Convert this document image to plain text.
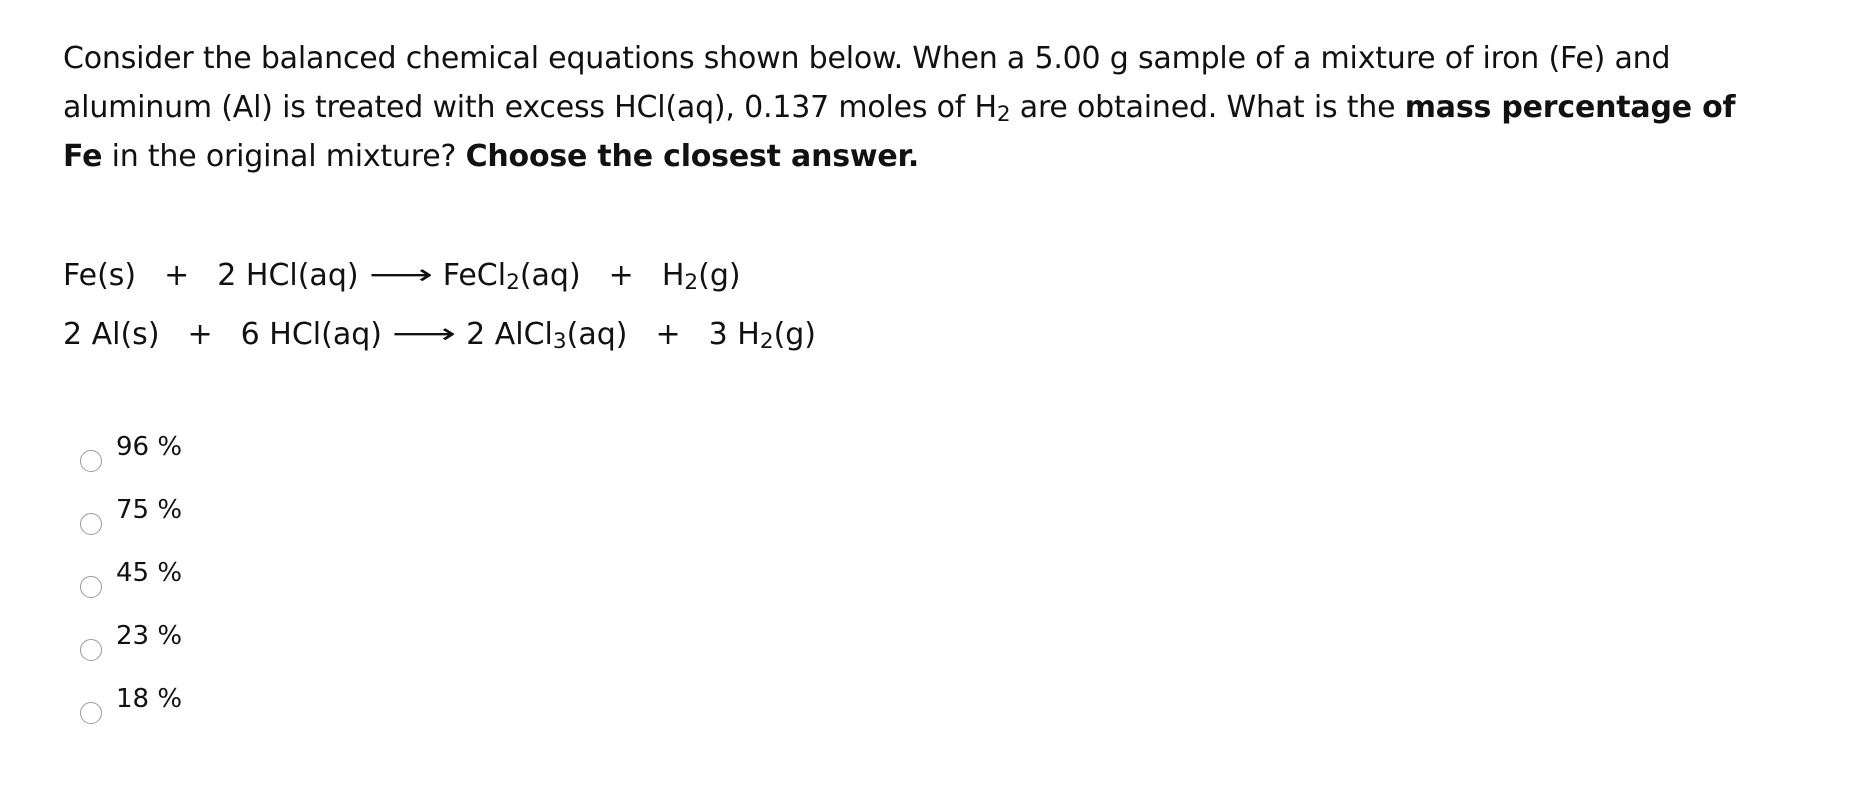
Consider the balanced chemical equations shown below. When a 5.00 g sample of a mixture of iron (Fe) and aluminum (Al) is treated with excess HCl(aq), 0.137 moles of $H_2$ are obtained. What is the mass percentage of Fe in the original mixture? Choose the closest answer.
Fe(s) + 2 HCl(aq) ⟶ FeCl$_2$(aq) + $H_2(g)$
2 Al(s) + 6 HCl(aq) ⟶ 2 AlCl$_3$(aq) + 3 $H_2(g)$
96 %
75 %
45 %
23 %
18 %
